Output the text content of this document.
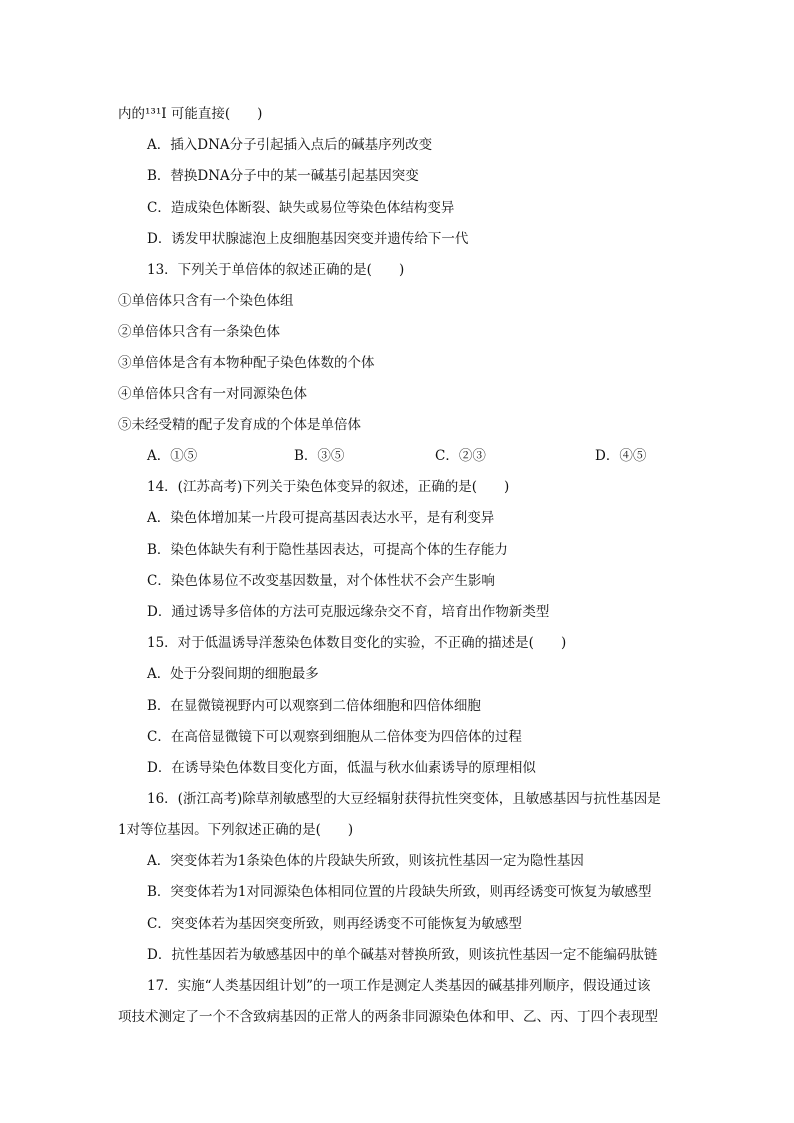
内的¹³¹I 可能直接(　　)
A．插入DNA分子引起插入点后的碱基序列改变
B．替换DNA分子中的某一碱基引起基因突变
C．造成染色体断裂、缺失或易位等染色体结构变异
D．诱发甲状腺滤泡上皮细胞基因突变并遗传给下一代
13．下列关于单倍体的叙述正确的是(　　)
①单倍体只含有一个染色体组
②单倍体只含有一条染色体
③单倍体是含有本物种配子染色体数的个体
④单倍体只含有一对同源染色体
⑤未经受精的配子发育成的个体是单倍体
A．①⑤	B．③⑤	C．②③	D．④⑤
14．(江苏高考)下列关于染色体变异的叙述，正确的是(　　)
A．染色体增加某一片段可提高基因表达水平，是有利变异
B．染色体缺失有利于隐性基因表达，可提高个体的生存能力
C．染色体易位不改变基因数量，对个体性状不会产生影响
D．通过诱导多倍体的方法可克服远缘杂交不育，培育出作物新类型
15．对于低温诱导洋葱染色体数目变化的实验，不正确的描述是(　　)
A．处于分裂间期的细胞最多
B．在显微镜视野内可以观察到二倍体细胞和四倍体细胞
C．在高倍显微镜下可以观察到细胞从二倍体变为四倍体的过程
D．在诱导染色体数目变化方面，低温与秋水仙素诱导的原理相似
16．(浙江高考)除草剂敏感型的大豆经辐射获得抗性突变体，且敏感基因与抗性基因是
1对等位基因。下列叙述正确的是(　　)
A．突变体若为1条染色体的片段缺失所致，则该抗性基因一定为隐性基因
B．突变体若为1对同源染色体相同位置的片段缺失所致，则再经诱变可恢复为敏感型
C．突变体若为基因突变所致，则再经诱变不可能恢复为敏感型
D．抗性基因若为敏感基因中的单个碱基对替换所致，则该抗性基因一定不能编码肽链
17．实施“人类基因组计划”的一项工作是测定人类基因的碱基排列顺序，假设通过该
项技术测定了一个不含致病基因的正常人的两条非同源染色体和甲、乙、丙、丁四个表现型
